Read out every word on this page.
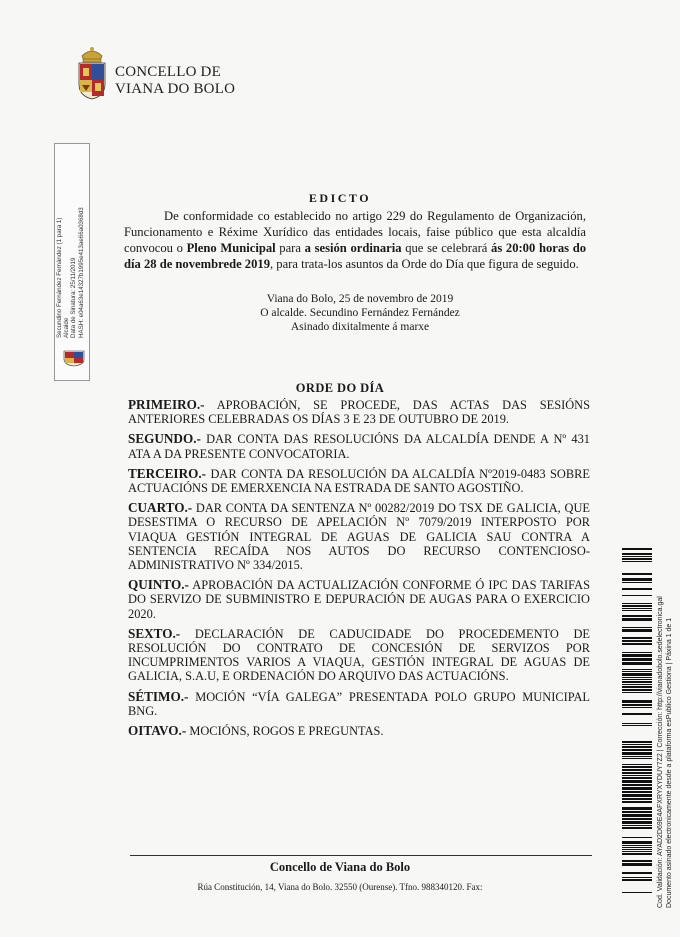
CONCELLO DE
VIANA DO BOLO
Secundino Fernández Fernández (1 para 1) Alcalde Data de Sinatura: 25/11/2019 HASH: e04a63e14327b1995e413ae66a0368d3
Cod. Validación: AYAD2D69E4AFXRYXYDUY7Z2 | Corrección: http://vianadobolo.sedelectronica.gal Documento asinado electronicamente desde a plataforma esPublico Gestiona | Páxina 1 de 1
EDICTO
De conformidade co establecido no artigo 229 do Regulamento de Organización, Funcionamento e Réxime Xurídico das entidades locais, faise público que esta alcaldía convocou o Pleno Municipal para a sesión ordinaria que se celebrará ás 20:00 horas do día 28 de novembrede 2019, para trata-los asuntos da Orde do Día que figura de seguido.
Viana do Bolo, 25 de novembro de 2019
O alcalde. Secundino Fernández Fernández
Asinado dixitalmente á marxe
ORDE DO DÍA
PRIMEIRO.- APROBACIÓN, SE PROCEDE, DAS ACTAS DAS SESIÓNS ANTERIORES CELEBRADAS OS DÍAS 3 E 23 DE OUTUBRO DE 2019.
SEGUNDO.- DAR CONTA DAS RESOLUCIÓNS DA ALCALDÍA DENDE A Nº 431 ATA A DA PRESENTE CONVOCATORIA.
TERCEIRO.- DAR CONTA DA RESOLUCIÓN DA ALCALDÍA Nº2019-0483 SOBRE ACTUACIÓNS DE EMERXENCIA NA ESTRADA DE SANTO AGOSTIÑO.
CUARTO.- DAR CONTA DA SENTENZA Nº 00282/2019 DO TSX DE GALICIA, QUE DESESTIMA O RECURSO DE APELACIÓN Nº 7079/2019 INTERPOSTO POR VIAQUA GESTIÓN INTEGRAL DE AGUAS DE GALICIA SAU CONTRA A SENTENCIA RECAÍDA NOS AUTOS DO RECURSO CONTENCIOSO-ADMINISTRATIVO Nº 334/2015.
QUINTO.- APROBACIÓN DA ACTUALIZACIÓN CONFORME Ó IPC DAS TARIFAS DO SERVIZO DE SUBMINISTRO E DEPURACIÓN DE AUGAS PARA O EXERCICIO 2020.
SEXTO.- DECLARACIÓN DE CADUCIDADE DO PROCEDEMENTO DE RESOLUCIÓN DO CONTRATO DE CONCESIÓN DE SERVIZOS POR INCUMPRIMENTOS VARIOS A VIAQUA, GESTIÓN INTEGRAL DE AGUAS DE GALICIA, S.A.U, E ORDENACIÓN DO ARQUIVO DAS ACTUACIÓNS.
SÉTIMO.- MOCIÓN “VÍA GALEGA” PRESENTADA POLO GRUPO MUNICIPAL BNG.
OITAVO.- MOCIÓNS, ROGOS E PREGUNTAS.
Concello de Viana do Bolo
Rúa Constitución, 14, Viana do Bolo. 32550 (Ourense). Tfno. 988340120. Fax:
